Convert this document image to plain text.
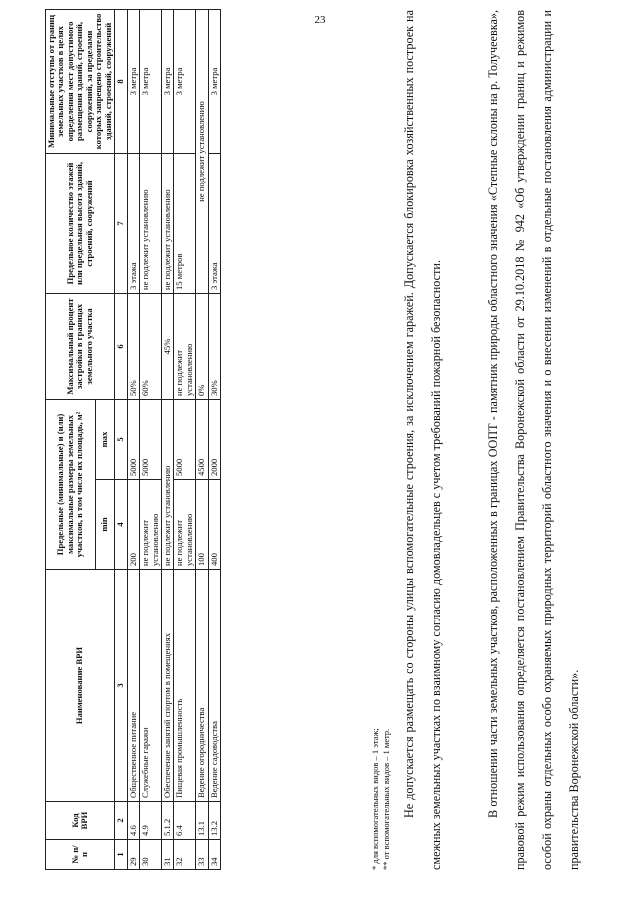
23
№ п/п	Код ВРИ	Наименование ВРИ	Предельные (минимальные) и (или) максимальные размеры земельных участков, в том числе их площадь, м²		Максимальный процент застройки в границах земельного участка	Предельное количество этажей или предельная высота зданий, строений, сооружений	Минимальные отступы от границ земельных участков в целях определения мест допустимого размещения зданий, строений, сооружений, за пределами которых запрещено строительство зданий, строений, сооружений
			min	max			
1	2	3	4	5	6	7	8
29	4.6	Общественное питание	200	5000	50%	3 этажа	3 метра
30	4.9	Служебные гаражи	не подлежит установлению	5000	60%	не подлежит установлению	3 метра
31	5.1.2	Обеспечение занятий спортом в помещениях	не подлежит установлению		45%	не подлежит установлению	3 метра
32	6.4	Пищевая промышленность	не подлежит установлению	5000	не подлежит установлению	15 метров	3 метра
33	13.1	Ведение огородничества	100	4500	0%	не подлежит установлению	
34	13.2	Ведение садоводства	400	2000	30%	3 этажа	3 метра
* для вспомогательных видов – 1 этаж; ** от вспомогательных видов – 1 метр. Не допускается размещать со стороны улицы вспомогательные строения, за исключением гаражей. Допускается блокировка хозяйственных построек на смежных земельных участках по взаимному согласию домовладельцев с учетом требований пожарной безопасности.	В отношении части земельных участков, расположенных в границах ООПТ - памятник природы областного значения «Степные склоны на р. Толучеевка», правовой режим использования определяется постановлением Правительства Воронежской области от 29.10.2018 № 942 «Об утверждении границ и режимов особой охраны отдельных особо охраняемых природных территорий областного значения и о внесении изменений в отдельные постановления администрации и правительства Воронежской области».
